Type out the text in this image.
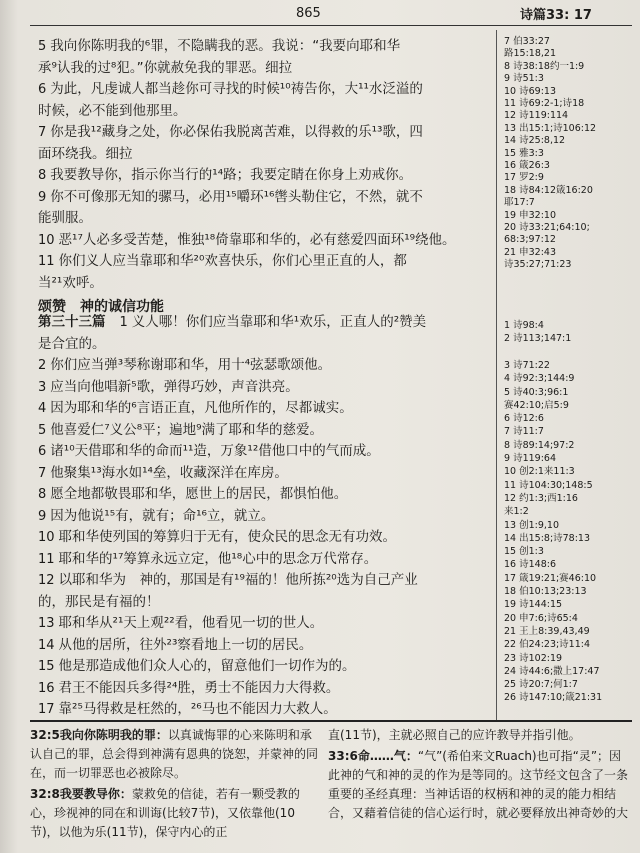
865	诗篇33: 17
5 我向你陈明我的⁶罪，不隐瞒我的恶。我说：“我要向耶和华
承⁹认我的过⁸犯。”你就赦免我的罪恶。细拉
6 为此，凡虔诚人都当趁你可寻找的时候¹⁰祷告你，大¹¹水泛溢的
时候，必不能到他那里。
7 你是我¹²藏身之处，你必保佑我脱离苦难，以得救的乐¹³歌，四
面环绕我。细拉
8 我要教导你，指示你当行的¹⁴路；我要定睛在你身上劝戒你。
9 你不可像那无知的骡马，必用¹⁵嚼环¹⁶辔头勒住它，不然，就不
能驯服。
10 恶¹⁷人必多受苦楚，惟独¹⁸倚靠耶和华的，必有慈爱四面环¹⁹绕他。
11 你们义人应当靠耶和华²⁰欢喜快乐，你们心里正直的人，都
当²¹欢呼。
第三十三篇 1 义人哪！你们应当靠耶和华¹欢乐，正直人的²赞美
是合宜的。
2 你们应当弹³琴称谢耶和华，用十⁴弦瑟歌颂他。
3 应当向他唱新⁵歌，弹得巧妙，声音洪亮。
4 因为耶和华的⁶言语正直，凡他所作的，尽都诚实。
5 他喜爱仁⁷义公⁸平；遍地⁹满了耶和华的慈爱。
6 诸¹⁰天借耶和华的命而¹¹造，万象¹²借他口中的气而成。
7 他聚集¹³海水如¹⁴垒，收藏深洋在库房。
8 愿全地都敬畏耶和华，愿世上的居民，都惧怕他。
9 因为他说¹⁵有，就有；命¹⁶立，就立。
10 耶和华使列国的筹算归于无有，使众民的思念无有功效。
11 耶和华的¹⁷筹算永远立定，他¹⁸心中的思念万代常存。
12 以耶和华为　神的，那国是有¹⁹福的！他所拣²⁰选为自己产业
的，那民是有福的！
13 耶和华从²¹天上观²²看，他看见一切的世人。
14 从他的居所，往外²³察看地上一切的居民。
15 他是那造成他们众人心的，留意他们一切作为的。
16 君王不能因兵多得²⁴胜，勇士不能因力大得救。
17 靠²⁵马得救是枉然的，²⁶马也不能因力大救人。
颂赞　神的诚信功能
7 伯33:27
路15:18,21
8 诗38:18约一1:9
9 诗51:3
10 诗69:13
11 诗69:2-1;诗18
12 诗119:114
13 出15:1;诗106:12
14 诗25:8,12
15 雅3:3
16 箴26:3
17 罗2:9
18 诗84:12箴16:20
耶17:7
19 申32:10
20 诗33:21;64:10;
68:3;97:12
21 申32:43
诗35:27;71:23
1 诗98:4
2 诗113;147:1
3 诗71:22
4 诗92:3;144:9
5 诗40:3;96:1
赛42:10;启5:9
6 诗12:6
7 诗11:7
8 诗89:14;97:2
9 诗119:64
10 创2:1来11:3
11 诗104:30;148:5
12 约1:3;西1:16
来1:2
13 创1:9,10
14 出15:8;诗78:13
15 创1:3
16 诗148:6
17 箴19:21;赛46:10
18 伯10:13;23:13
19 诗144:15
20 申7:6;诗65:4
21 王上8:39,43,49
22 伯24:23;诗11:4
23 诗102:19
24 诗44:6;撒上17:47
25 诗20:7;何1:7
26 诗147:10;箴21:31
32:5我向你陈明我的罪：以真诚悔罪的心来陈明和承认自己的罪，总会得到神满有恩典的饶恕，并蒙神的同在，而一切罪恶也必被除尽。
32:8我要教导你：蒙救免的信徒，若有一颗受教的心，珍视神的同在和训诲(比较7节)，又依靠他(10节)，以他为乐(11节)，保守内心的正
直(11节)，主就必照自己的应许教导并指引他。
33:6命……气：“气”(希伯来文Ruach)也可指“灵”；因此神的气和神的灵的作为是等同的。这节经文包含了一条重要的圣经真理：当神话语的权柄和神的灵的能力相结合，又藉着信徒的信心运行时，就必要释放出神奇妙的大
